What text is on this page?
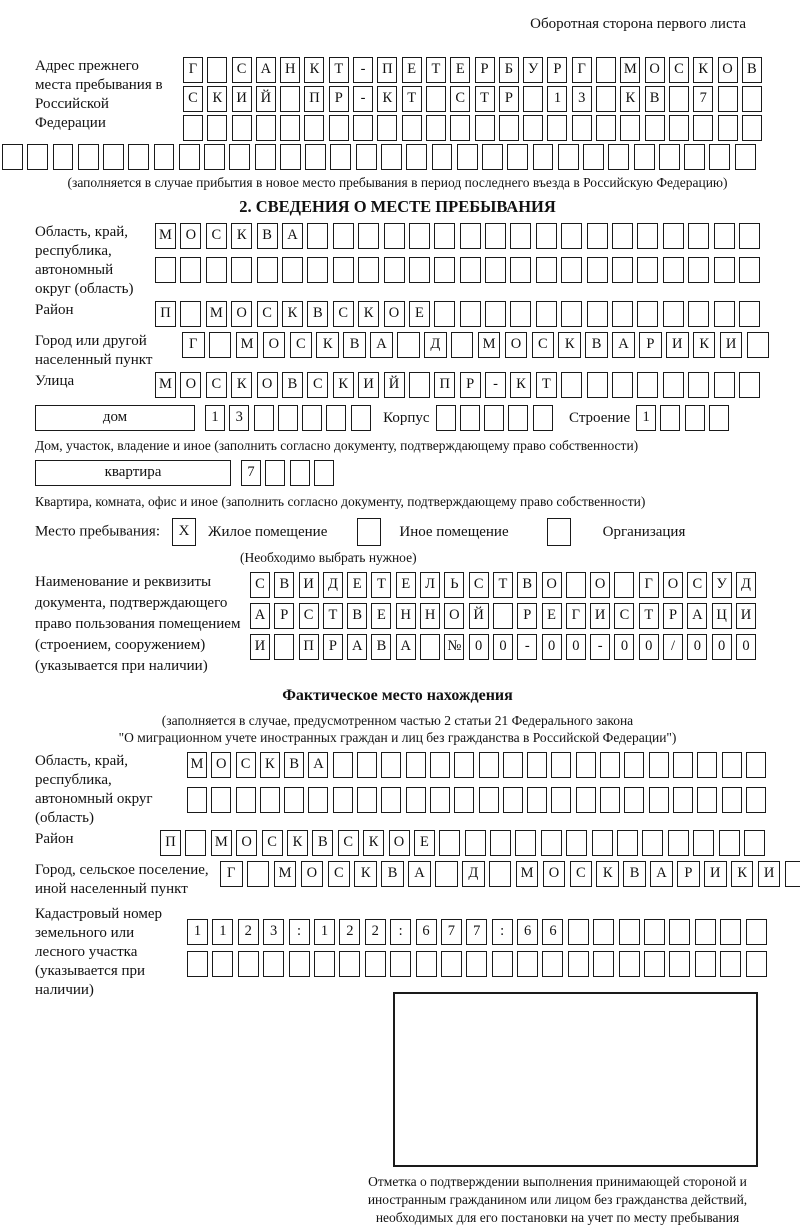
Оборотная сторона первого листа
Адрес прежнего места пребывания в Российской Федерации
Г	С А Н К	Т	-	П	Е	Т	Е	Р	Б	У	Р	Г	М О С	К О В
С	К И Й	П	Р	-	К	Т	С	Т	Р	1	3	К	В	7
(заполняется в случае прибытия в новое место пребывания в период последнего въезда в Российскую Федерацию)
2. СВЕДЕНИЯ О МЕСТЕ ПРЕБЫВАНИЯ
Область, край, республика, автономный округ (область)
М О	С	К	В	А
Район	П	М О	С	К	В	С	К	О	Е
Город или другой населенный пункт
Г	М	О	С	К	В	А	Д	М	О	С	К	В	А	Р	И	К	И
Улица	М О	С	К	О	В	С	К	И	Й	П	Р	-	К	Т
дом	1	3	Корпус	Строение 1
Дом, участок, владение и иное (заполнить согласно документу, подтверждающему право собственности)
квартира	7
Квартира, комната, офис и иное (заполнить согласно документу, подтверждающему право собственности)
Место пребывания: X Жилое помещение	Иное помещение	Организация
(Необходимо выбрать нужное)
Наименование и реквизиты документа, подтверждающего право пользования помещением (строением, сооружением) (указывается при наличии)
С	В И Д	Е	Т	Е	Л	Ь	С	Т	В О	О	Г	О С У Д
А	Р	С	Т	В	Е	Н Н О Й	Р	Е	Г	И С	Т	Р	А Ц И
И	П	Р	А В А	№ 0	0	-	0	0	-	0	0	/	0	0	0
Фактическое место нахождения
(заполняется в случае, предусмотренном частью 2 статьи 21 Федерального закона
"О миграционном учете иностранных граждан и лиц без гражданства в Российской Федерации")
Область, край, республика, автономный округ (область)
М О С	К	В А
Район	П	М О	С	К	В	С	К	О	Е
Город, сельское поселение, иной населенный пункт
Г	М	О	С	К	В	А	Д	М	О	С	К	В	А	Р	И	К	И
Кадастровый номер земельного или лесного участка (указывается при наличии)
1	1	2	3	:	1	2	2	:	6	7	7	:	6	6
Отметка о подтверждении выполнения принимающей стороной и иностранным гражданином или лицом без гражданства действий, необходимых для его постановки на учет по месту пребывания
